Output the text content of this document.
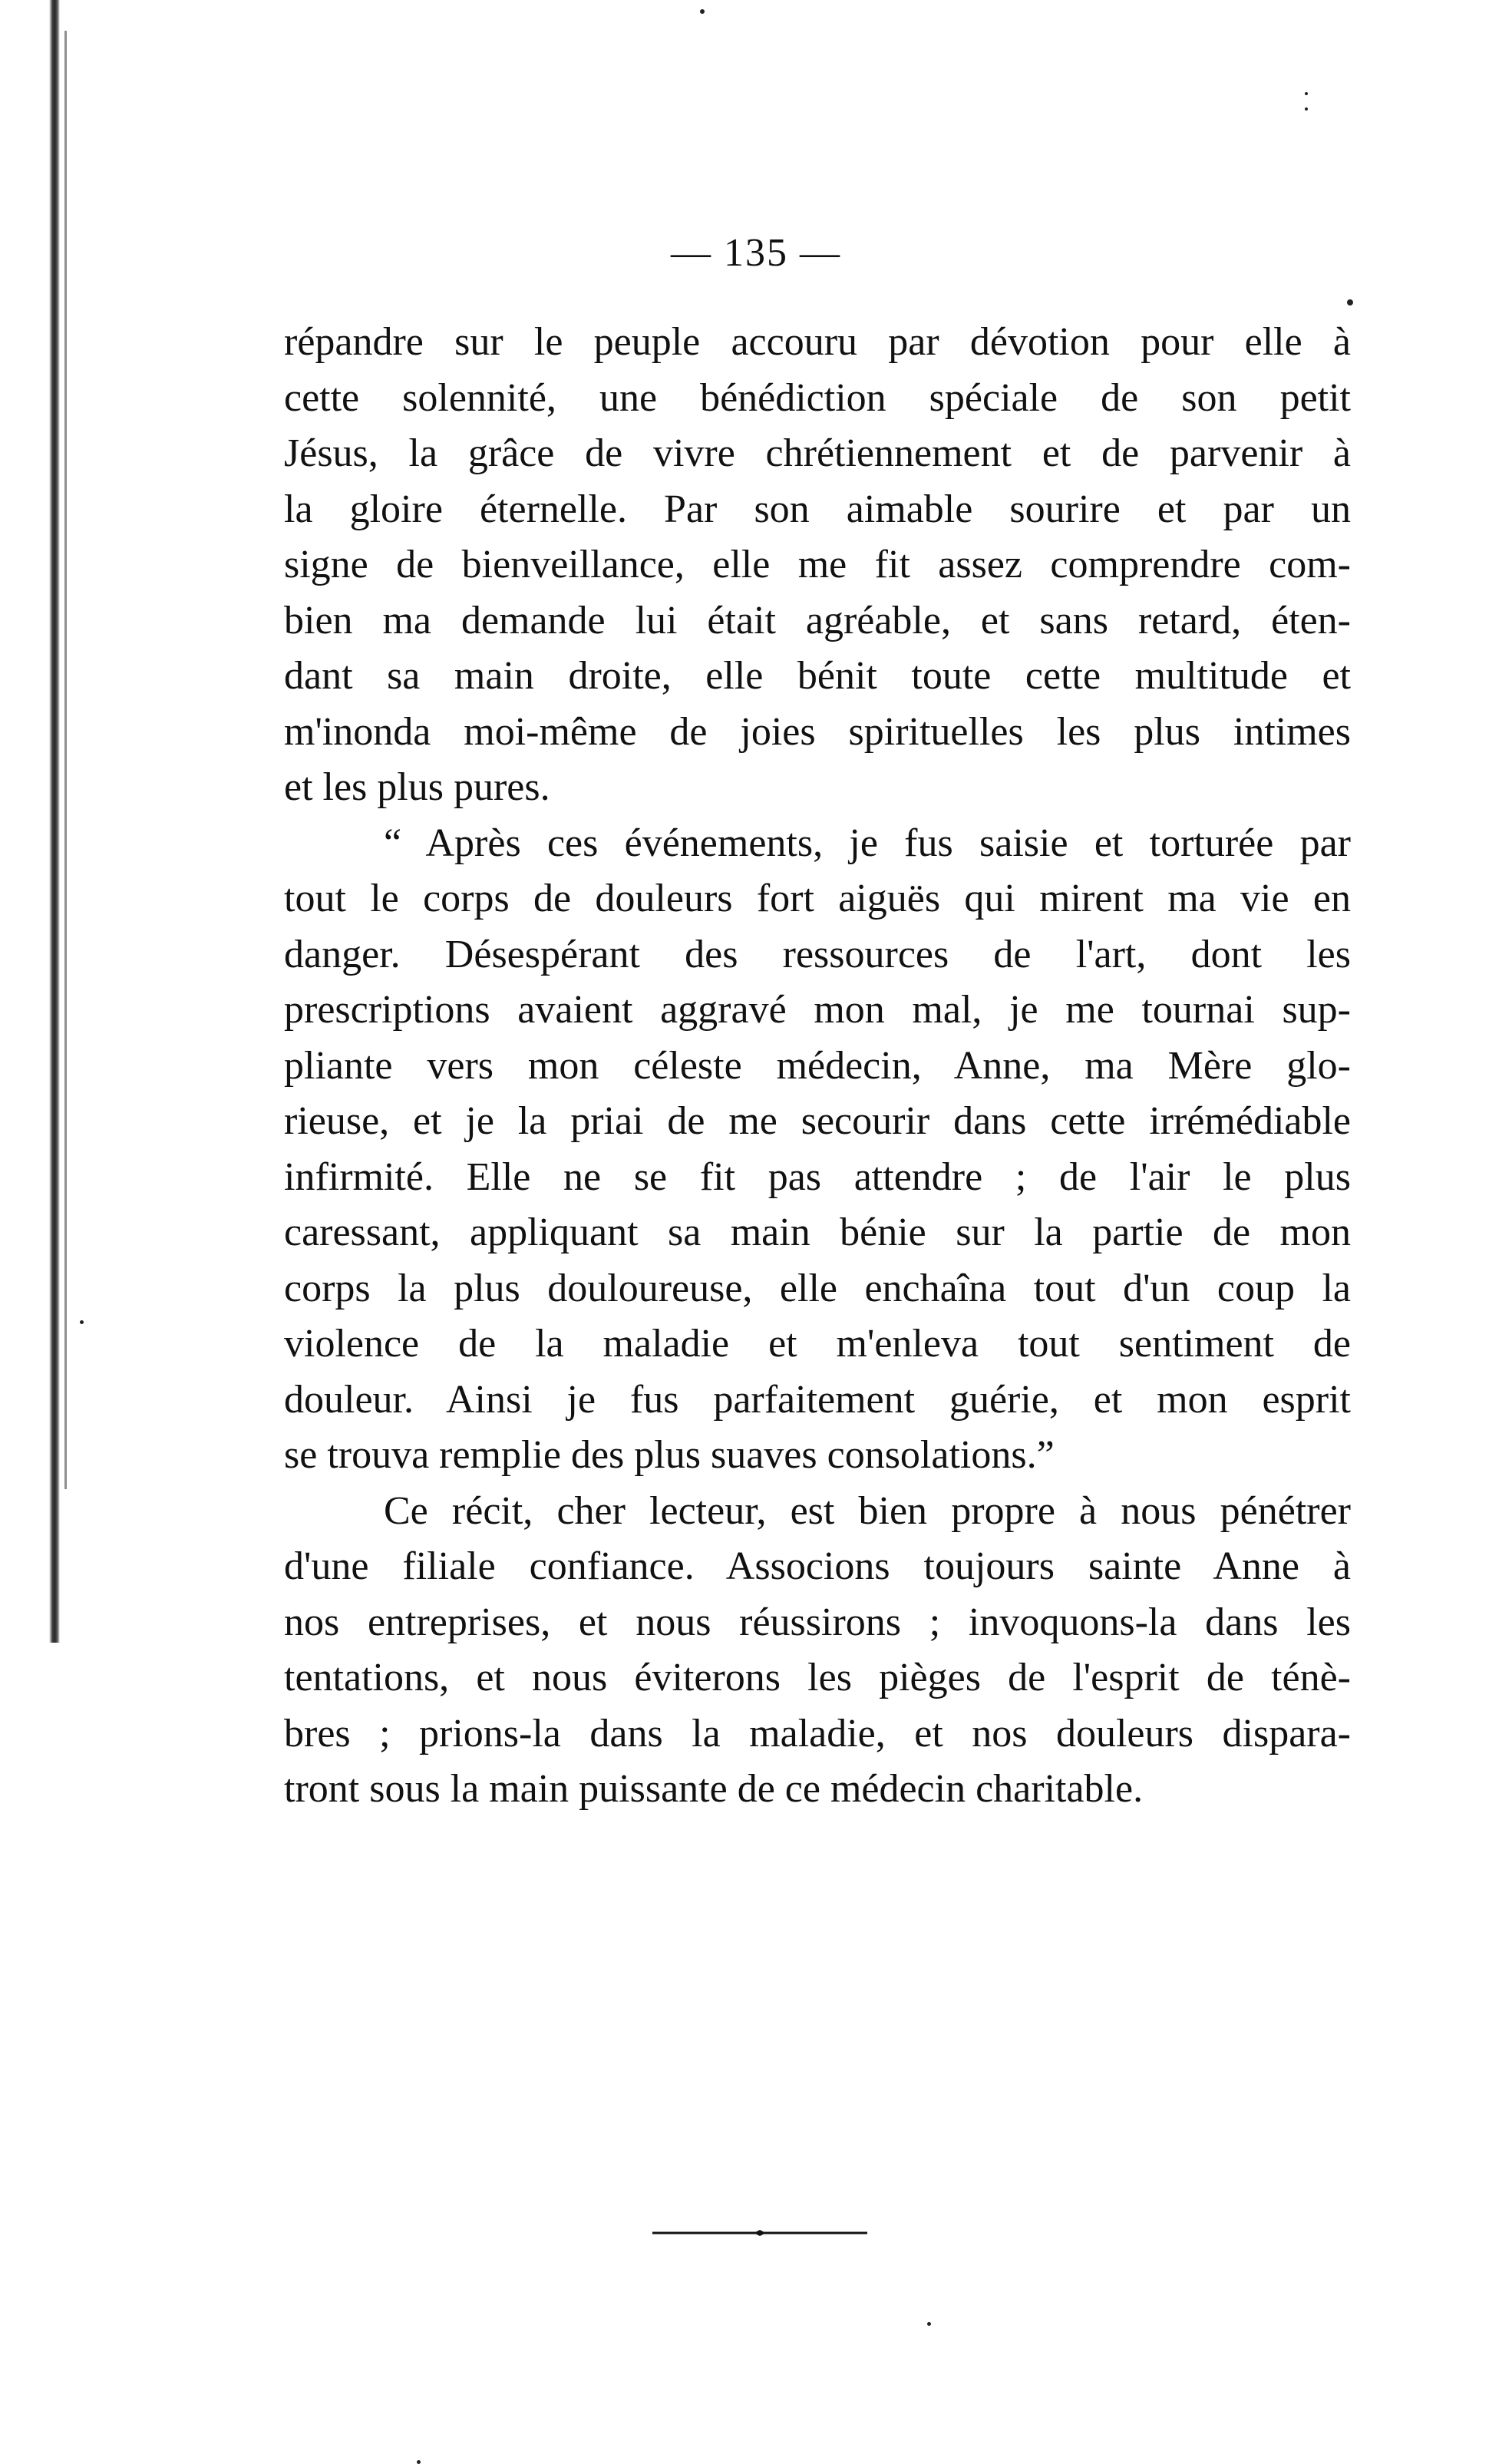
— 135 —
répandre sur le peuple accouru par dévotion pour elle à
cette solennité, une bénédiction spéciale de son petit
Jésus, la grâce de vivre chrétiennement et de parvenir à
la gloire éternelle. Par son aimable sourire et par un
signe de bienveillance, elle me fit assez comprendre com-
bien ma demande lui était agréable, et sans retard, éten-
dant sa main droite, elle bénit toute cette multitude et
m'inonda moi-même de joies spirituelles les plus intimes
et les plus pures.
“ Après ces événements, je fus saisie et torturée par
tout le corps de douleurs fort aiguës qui mirent ma vie en
danger. Désespérant des ressources de l'art, dont les
prescriptions avaient aggravé mon mal, je me tournai sup-
pliante vers mon céleste médecin, Anne, ma Mère glo-
rieuse, et je la priai de me secourir dans cette irrémédiable
infirmité. Elle ne se fit pas attendre ; de l'air le plus
caressant, appliquant sa main bénie sur la partie de mon
corps la plus douloureuse, elle enchaîna tout d'un coup la
violence de la maladie et m'enleva tout sentiment de
douleur. Ainsi je fus parfaitement guérie, et mon esprit
se trouva remplie des plus suaves consolations.”
Ce récit, cher lecteur, est bien propre à nous pénétrer
d'une filiale confiance. Associons toujours sainte Anne à
nos entreprises, et nous réussirons ; invoquons-la dans les
tentations, et nous éviterons les pièges de l'esprit de ténè-
bres ; prions-la dans la maladie, et nos douleurs dispara-
tront sous la main puissante de ce médecin charitable.
